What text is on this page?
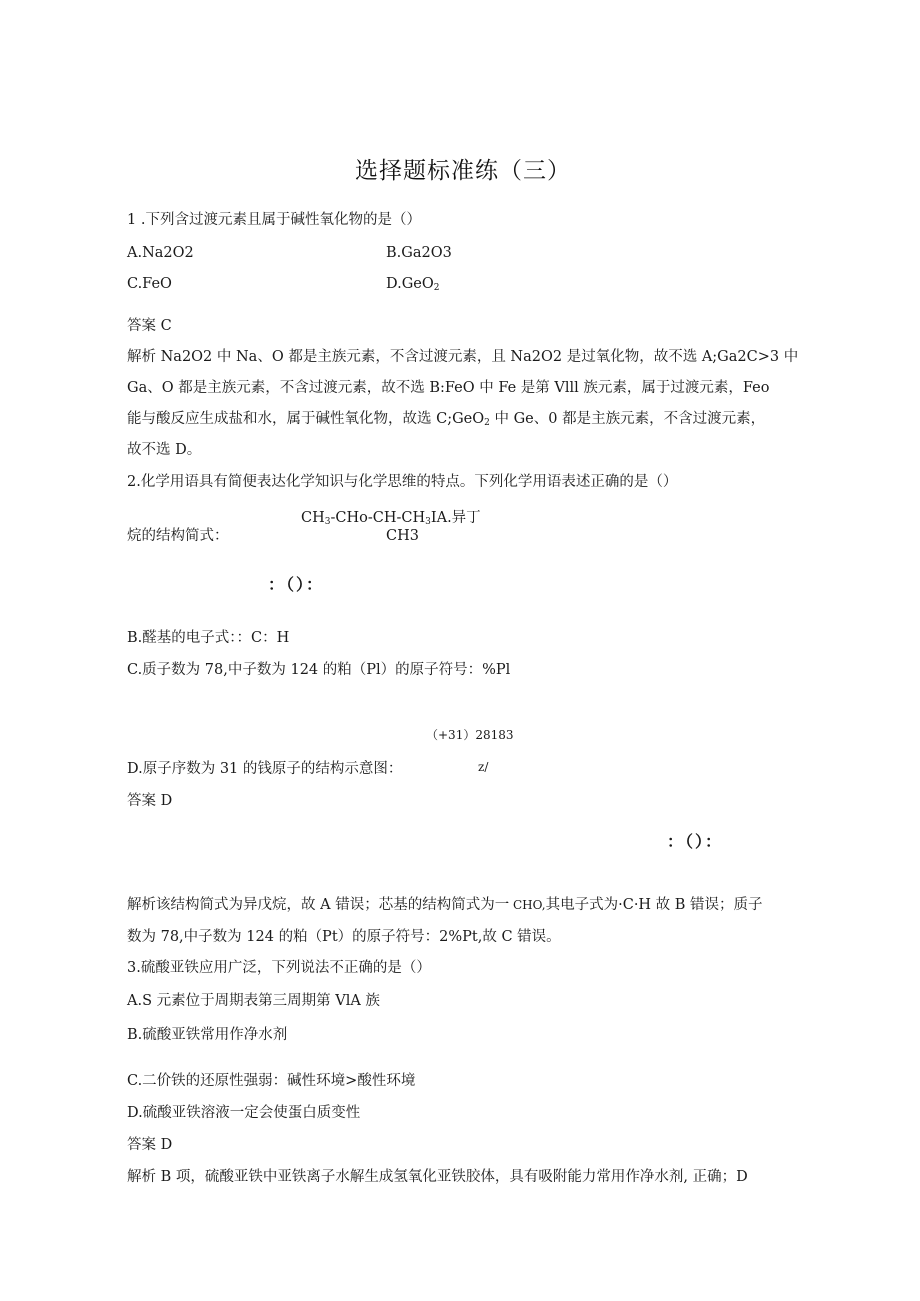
选择题标准练（三）
1 .下列含过渡元素且属于碱性氧化物的是（）
A.Na2O2	B.Ga2O3
C.FeO	D.GeO$_2$
答案 C
解析 Na2O2 中 Na、O 都是主族元素，不含过渡元素，且 Na2O2 是过氧化物，故不选 A;Ga2C>3 中
Ga、O 都是主族元素，不含过渡元素，故不选 B:FeO 中 Fe 是第 Vlll 族元素，属于过渡元素，Feo
能与酸反应生成盐和水，属于碱性氧化物，故选 C;GeO$_2$ 中 Ge、0 都是主族元素，不含过渡元素，
故不选 D。
2.化学用语具有简便表达化学知识与化学思维的特点。下列化学用语表述正确的是（）
$CH_3-CHo-CH-CH_3IA$.异丁
CH3
烷的结构简式：
：（）：
B.醛基的电子式：：C：H
C.质子数为 78,中子数为 124 的粕（Pl）的原子符号：%Pl
（+31）28183
z/
D.原子序数为 31 的钱原子的结构示意图：
答案 D
：（）：
解析该结构简式为异戊烷，故 A 错误；芯基的结构简式为一 CHO,其电子式为·C·H 故 B 错误；质子
数为 78,中子数为 124 的粕（Pt）的原子符号：2%Pt,故 C 错误。
3.硫酸亚铁应用广泛，下列说法不正确的是（）
A.S 元素位于周期表第三周期第 VlA 族
B.硫酸亚铁常用作净水剂
C.二价铁的还原性强弱：碱性环境>酸性环境
D.硫酸亚铁溶液一定会使蛋白质变性
答案 D
解析 B 项，硫酸亚铁中亚铁离子水解生成氢氧化亚铁胶体，具有吸附能力常用作净水剂, 正确；D
